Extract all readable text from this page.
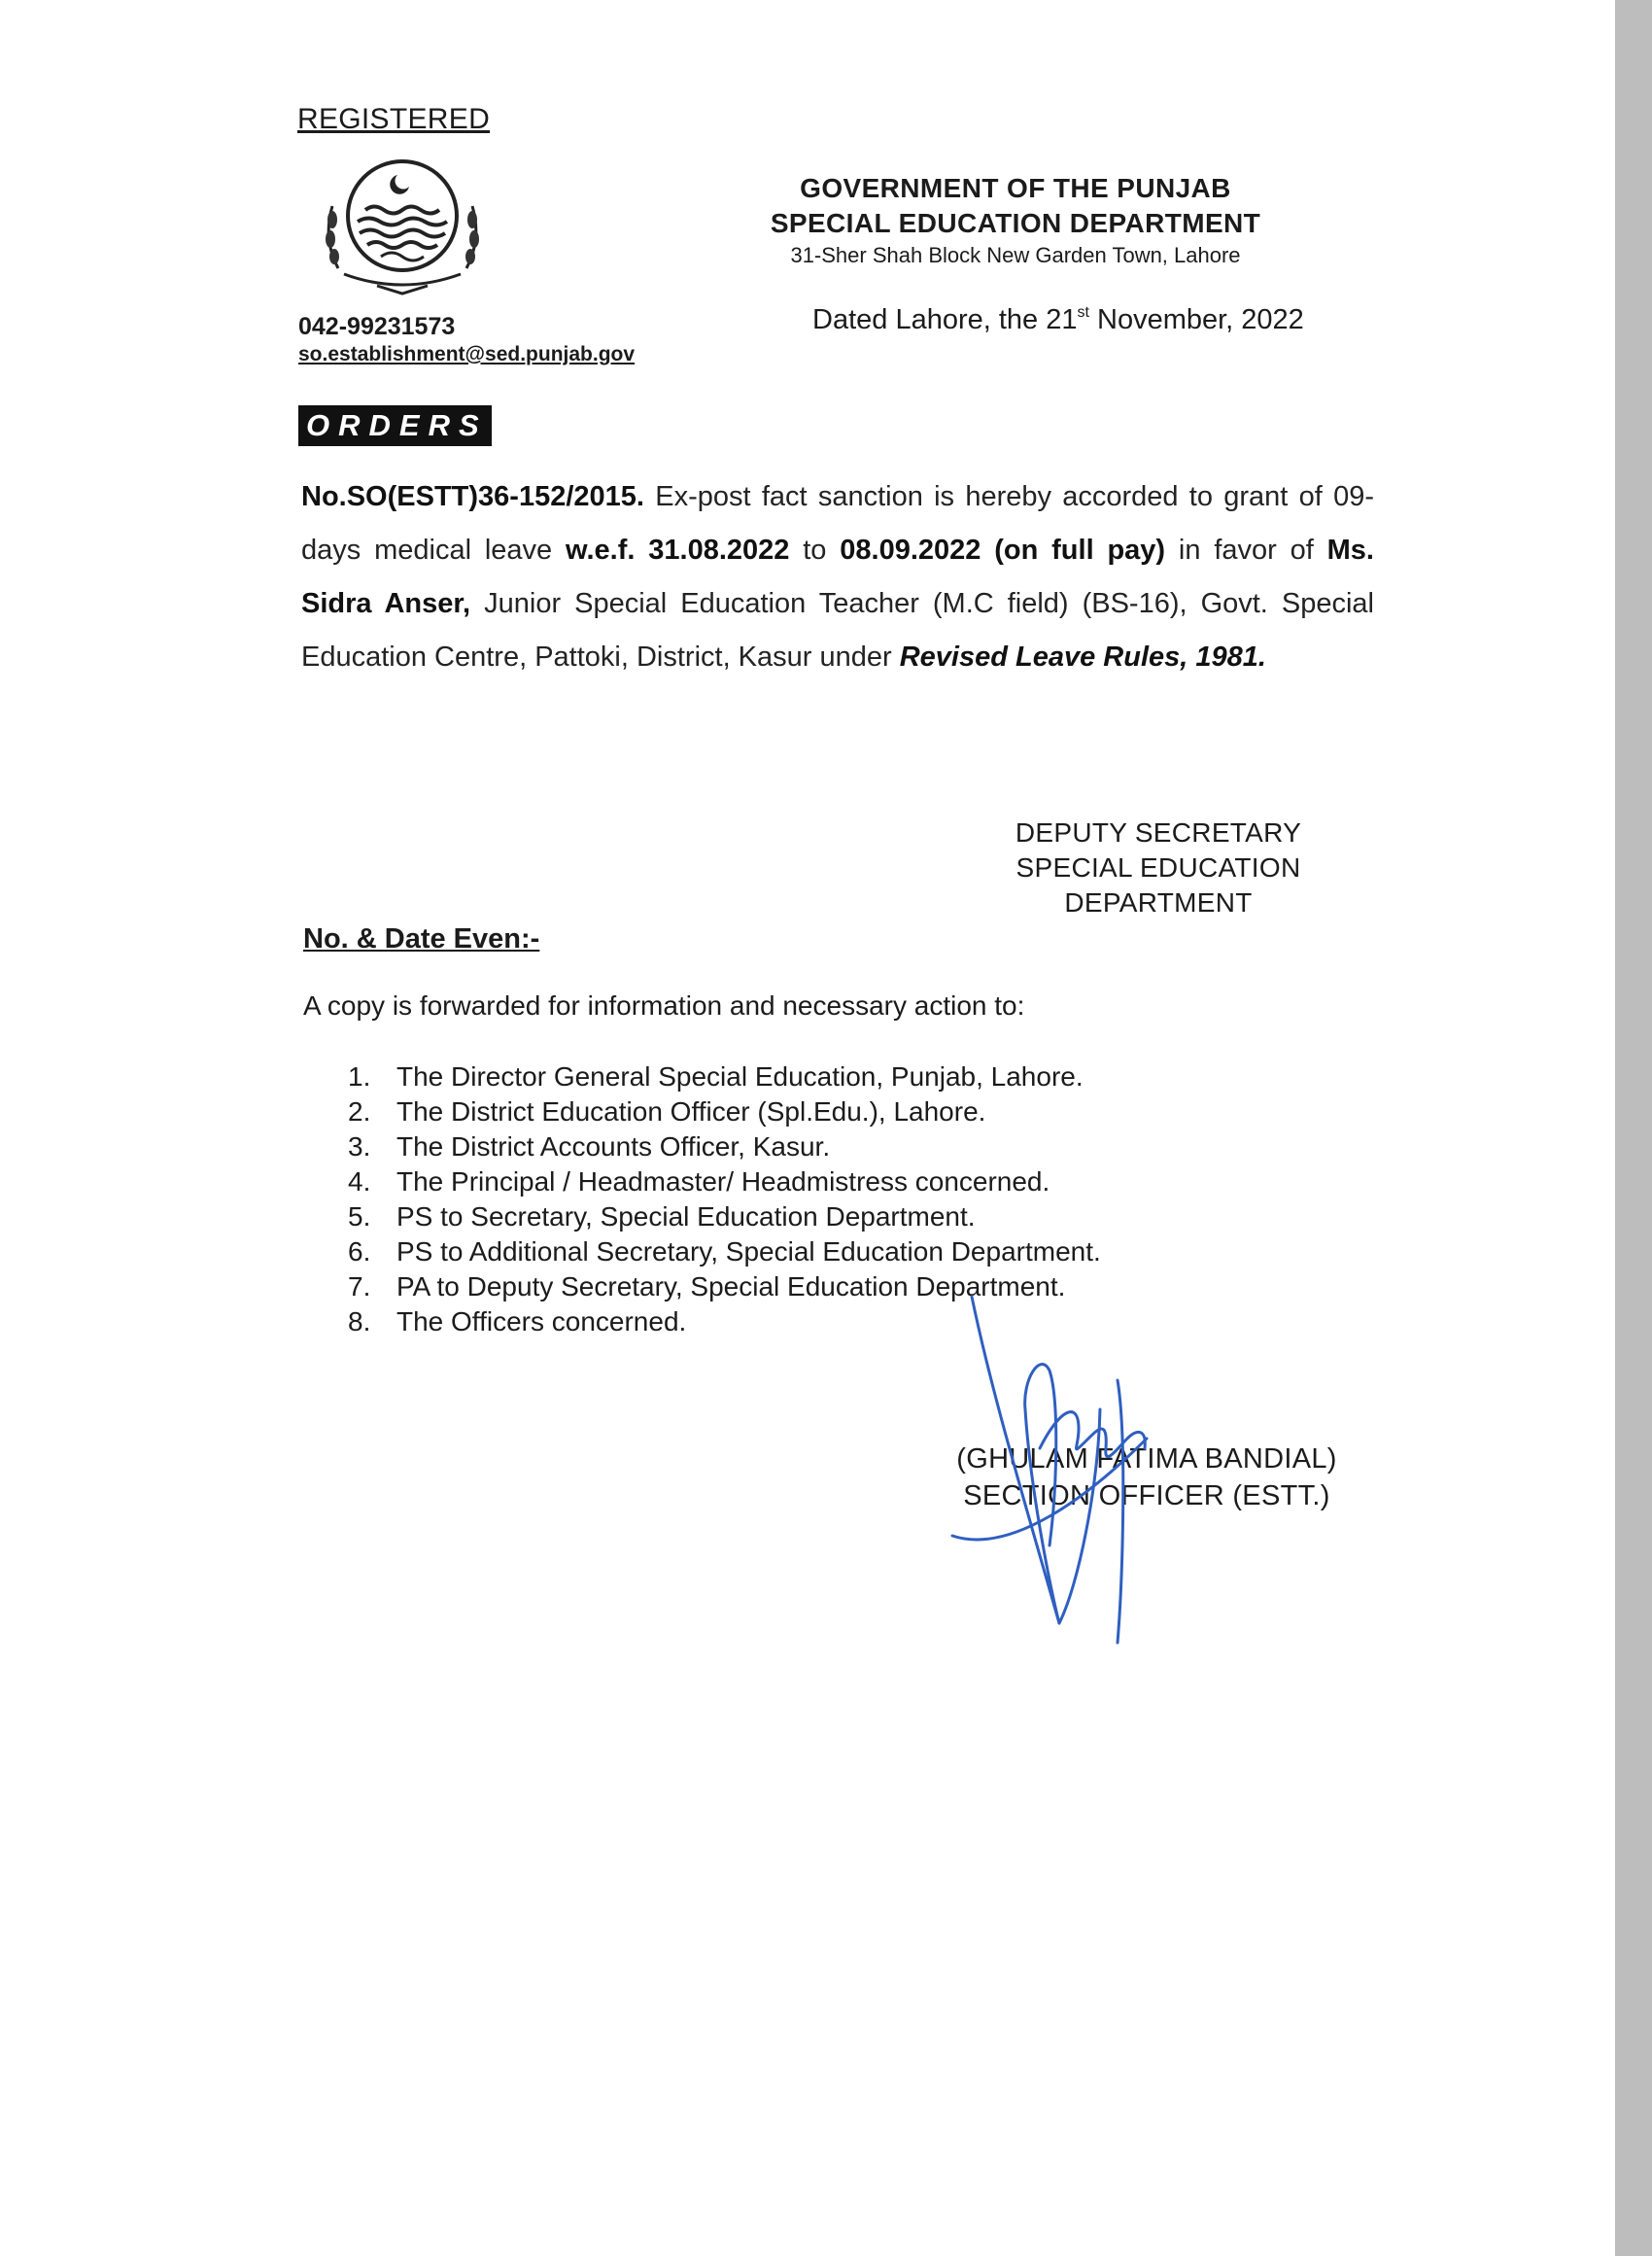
REGISTERED
042-99231573
so.establishment@sed.punjab.gov
GOVERNMENT OF THE PUNJAB
SPECIAL EDUCATION DEPARTMENT
31-Sher Shah Block New Garden Town, Lahore
Dated Lahore, the 21st November, 2022
ORDERS
No.SO(ESTT)36-152/2015. Ex-post fact sanction is hereby accorded to grant of 09-days medical leave w.e.f. 31.08.2022 to 08.09.2022 (on full pay) in favor of Ms. Sidra Anser, Junior Special Education Teacher (M.C field) (BS-16), Govt. Special Education Centre, Pattoki, District, Kasur under Revised Leave Rules, 1981.
DEPUTY SECRETARY
SPECIAL EDUCATION
DEPARTMENT
No. & Date Even:-
A copy is forwarded for information and necessary action to:
1. The Director General Special Education, Punjab, Lahore.
2. The District Education Officer (Spl.Edu.), Lahore.
3. The District Accounts Officer, Kasur.
4. The Principal / Headmaster/ Headmistress concerned.
5. PS to Secretary, Special Education Department.
6. PS to Additional Secretary, Special Education Department.
7. PA to Deputy Secretary, Special Education Department.
8. The Officers concerned.
(GHULAM FATIMA BANDIAL)
SECTION OFFICER (ESTT.)
